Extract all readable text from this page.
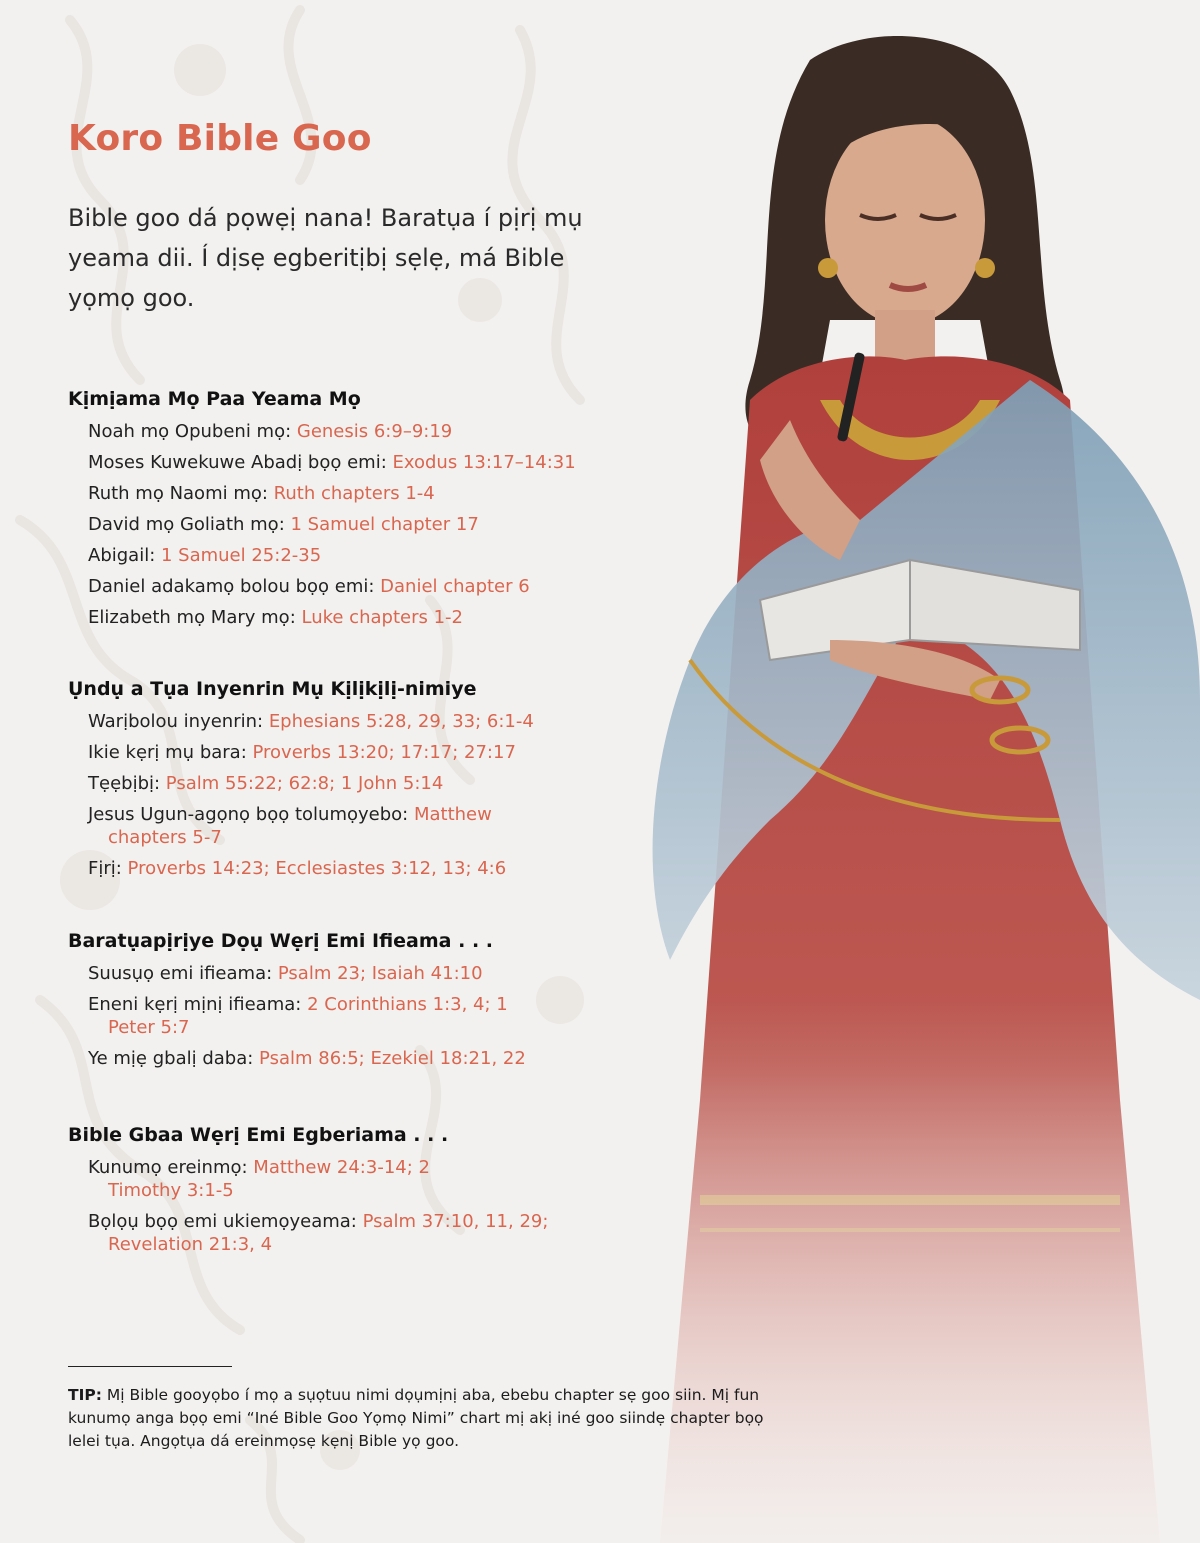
Koro Bible Goo

Bible goo dá pọwẹị nana! Baratụa í pịrị mụ yeama dii. Í dịsẹ egberitịbị sẹlẹ, má Bible yọmọ goo.

Kịmịama Mọ Paa Yeama Mọ
Noah mọ Opubeni mọ: Genesis 6:9–9:19
Moses Kuwekuwe Abadị bọọ emi: Exodus 13:17–14:31
Ruth mọ Naomi mọ: Ruth chapters 1-4
David mọ Goliath mọ: 1 Samuel chapter 17
Abigail: 1 Samuel 25:2-35
Daniel adakamọ bolou bọọ emi: Daniel chapter 6
Elizabeth mọ Mary mọ: Luke chapters 1-2
Ụndụ a Tụa Inyenrin Mụ Kịlịkịlị-nimiye
Warịbolou inyenrin: Ephesians 5:28, 29, 33; 6:1-4
Ikie kẹrị mụ bara: Proverbs 13:20; 17:17; 27:17
Tẹẹbịbị: Psalm 55:22; 62:8; 1 John 5:14
Jesus Ugun-agọnọ bọọ tolumọyebo: Matthew chapters 5-7
Fịrị: Proverbs 14:23; Ecclesiastes 3:12, 13; 4:6
Baratụapịrịye Dọụ Wẹrị Emi Ifieama . . .
Suusụọ emi ifieama: Psalm 23; Isaiah 41:10
Eneni kẹrị mịnị ifieama: 2 Corinthians 1:3, 4; 1 Peter 5:7
Ye mịẹ gbalị daba: Psalm 86:5; Ezekiel 18:21, 22
Bible Gbaa Wẹrị Emi Egberiama . . .
Kunumọ ereinmọ: Matthew 24:3-14; 2 Timothy 3:1-5
Bọlọụ bọọ emi ukiemọyeama: Psalm 37:10, 11, 29; Revelation 21:3, 4

TIP: Mị Bible gooyọbo í mọ a sụọtuu nimi dọụmịnị aba, ebebu chapter sẹ goo siin. Mị fun kunumọ anga bọọ emi “Iné Bible Goo Yọmọ Nimi” chart mị akị iné goo siindẹ chapter bọọ lelei tụa. Angọtụa dá ereinmọsẹ kẹnị Bible yọ goo.
